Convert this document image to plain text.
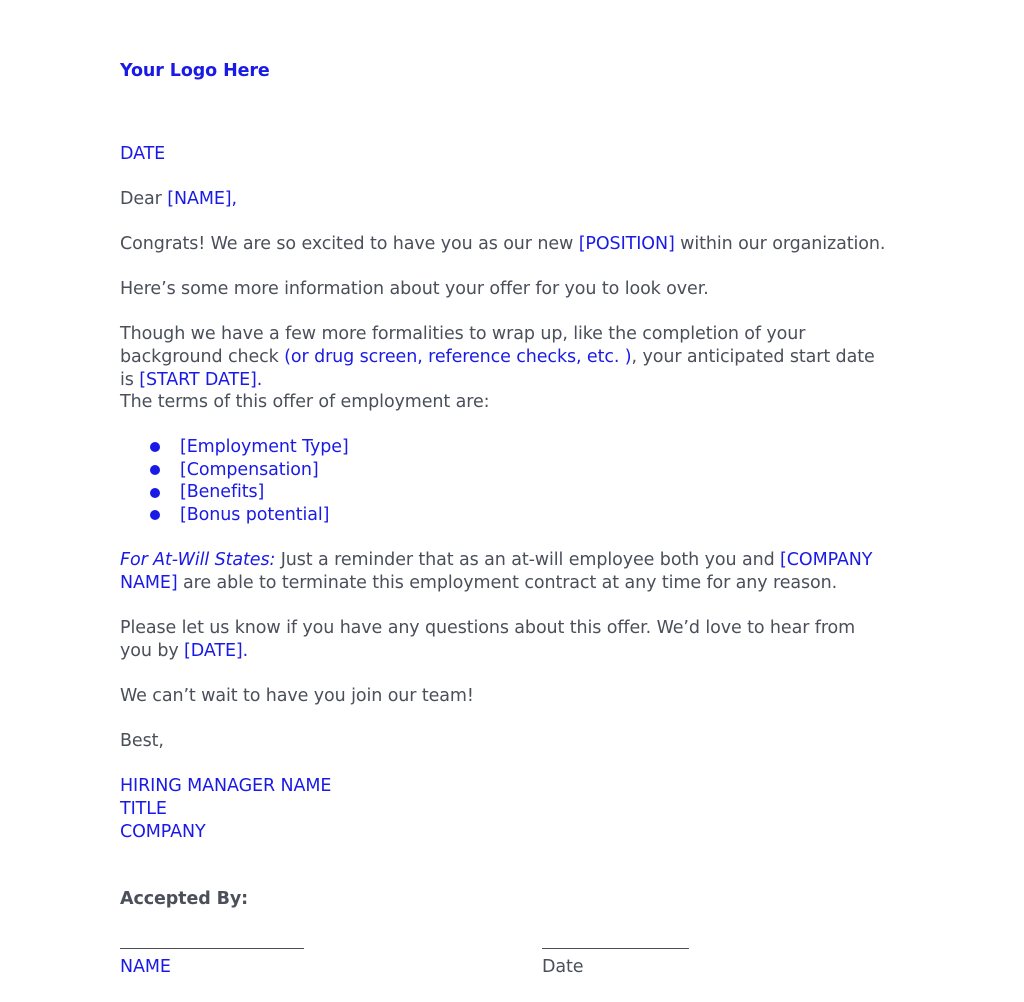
Your Logo Here
DATE
Dear [NAME],
Congrats! We are so excited to have you as our new [POSITION] within our organization.
Here’s some more information about your offer for you to look over.
Though we have a few more formalities to wrap up, like the completion of your background check (or drug screen, reference checks, etc. ), your anticipated start date is [START DATE].
The terms of this offer of employment are:
[Employment Type]
[Compensation]
[Benefits]
[Bonus potential]
For At-Will States: Just a reminder that as an at-will employee both you and [COMPANY NAME] are able to terminate this employment contract at any time for any reason.
Please let us know if you have any questions about this offer. We’d love to hear from you by [DATE].
We can’t wait to have you join our team!
Best,
HIRING MANAGER NAME
TITLE
COMPANY
Accepted By:
NAME	Date
